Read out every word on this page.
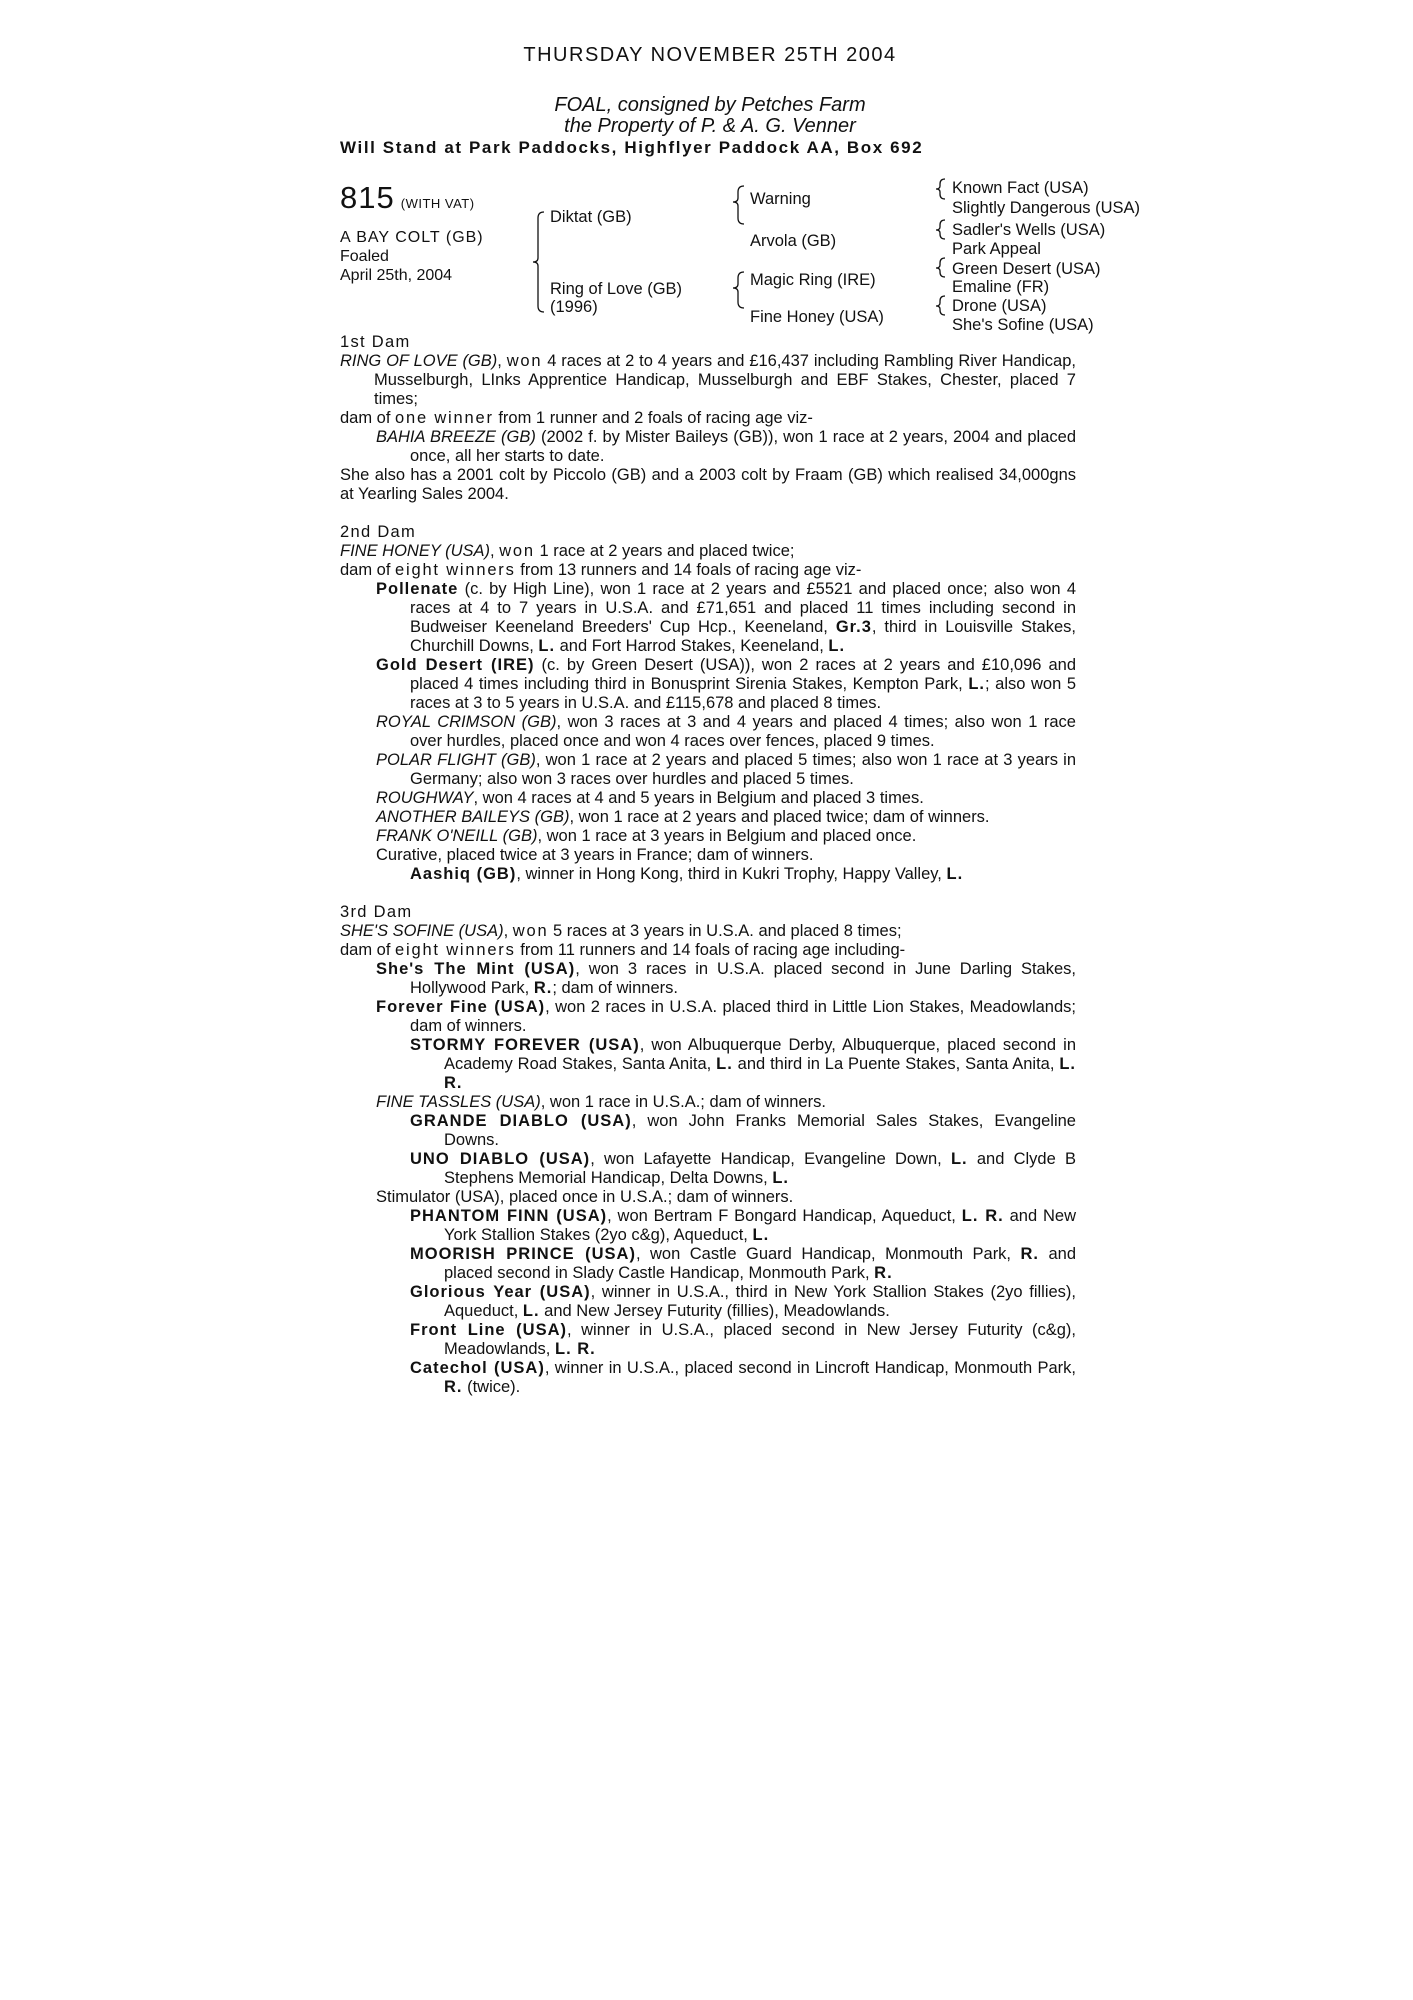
THURSDAY NOVEMBER 25TH 2004
FOAL, consigned by Petches Farm
the Property of P. & A. G. Venner
Will Stand at Park Paddocks, Highflyer Paddock AA, Box 692
815 (WITH VAT)
A BAY COLT (GB)
Foaled
April 25th, 2004
Diktat (GB)
Ring of Love (GB)
(1996)
Warning
Arvola (GB)
Magic Ring (IRE)
Fine Honey (USA)
Known Fact (USA)
Slightly Dangerous (USA)
Sadler's Wells (USA)
Park Appeal
Green Desert (USA)
Emaline (FR)
Drone (USA)
She's Sofine (USA)
1st Dam
RING OF LOVE (GB), won 4 races at 2 to 4 years and £16,437 including Rambling River Handicap, Musselburgh, LInks Apprentice Handicap, Musselburgh and EBF Stakes, Chester, placed 7 times;
dam of one winner from 1 runner and 2 foals of racing age viz-
BAHIA BREEZE (GB) (2002 f. by Mister Baileys (GB)), won 1 race at 2 years, 2004 and placed once, all her starts to date.
She also has a 2001 colt by Piccolo (GB) and a 2003 colt by Fraam (GB) which realised 34,000gns at Yearling Sales 2004.
2nd Dam
FINE HONEY (USA), won 1 race at 2 years and placed twice;
dam of eight winners from 13 runners and 14 foals of racing age viz-
Pollenate (c. by High Line), won 1 race at 2 years and £5521 and placed once; also won 4 races at 4 to 7 years in U.S.A. and £71,651 and placed 11 times including second in Budweiser Keeneland Breeders' Cup Hcp., Keeneland, Gr.3, third in Louisville Stakes, Churchill Downs, L. and Fort Harrod Stakes, Keeneland, L.
Gold Desert (IRE) (c. by Green Desert (USA)), won 2 races at 2 years and £10,096 and placed 4 times including third in Bonusprint Sirenia Stakes, Kempton Park, L.; also won 5 races at 3 to 5 years in U.S.A. and £115,678 and placed 8 times.
ROYAL CRIMSON (GB), won 3 races at 3 and 4 years and placed 4 times; also won 1 race over hurdles, placed once and won 4 races over fences, placed 9 times.
POLAR FLIGHT (GB), won 1 race at 2 years and placed 5 times; also won 1 race at 3 years in Germany; also won 3 races over hurdles and placed 5 times.
ROUGHWAY, won 4 races at 4 and 5 years in Belgium and placed 3 times.
ANOTHER BAILEYS (GB), won 1 race at 2 years and placed twice; dam of winners.
FRANK O'NEILL (GB), won 1 race at 3 years in Belgium and placed once.
Curative, placed twice at 3 years in France; dam of winners.
Aashiq (GB), winner in Hong Kong, third in Kukri Trophy, Happy Valley, L.
3rd Dam
SHE'S SOFINE (USA), won 5 races at 3 years in U.S.A. and placed 8 times;
dam of eight winners from 11 runners and 14 foals of racing age including-
She's The Mint (USA), won 3 races in U.S.A. placed second in June Darling Stakes, Hollywood Park, R.; dam of winners.
Forever Fine (USA), won 2 races in U.S.A. placed third in Little Lion Stakes, Meadowlands; dam of winners.
STORMY FOREVER (USA), won Albuquerque Derby, Albuquerque, placed second in Academy Road Stakes, Santa Anita, L. and third in La Puente Stakes, Santa Anita, L. R.
FINE TASSLES (USA), won 1 race in U.S.A.; dam of winners.
GRANDE DIABLO (USA), won John Franks Memorial Sales Stakes, Evangeline Downs.
UNO DIABLO (USA), won Lafayette Handicap, Evangeline Down, L. and Clyde B Stephens Memorial Handicap, Delta Downs, L.
Stimulator (USA), placed once in U.S.A.; dam of winners.
PHANTOM FINN (USA), won Bertram F Bongard Handicap, Aqueduct, L. R. and New York Stallion Stakes (2yo c&g), Aqueduct, L.
MOORISH PRINCE (USA), won Castle Guard Handicap, Monmouth Park, R. and placed second in Slady Castle Handicap, Monmouth Park, R.
Glorious Year (USA), winner in U.S.A., third in New York Stallion Stakes (2yo fillies), Aqueduct, L. and New Jersey Futurity (fillies), Meadowlands.
Front Line (USA), winner in U.S.A., placed second in New Jersey Futurity (c&g), Meadowlands, L. R.
Catechol (USA), winner in U.S.A., placed second in Lincroft Handicap, Monmouth Park, R. (twice).
